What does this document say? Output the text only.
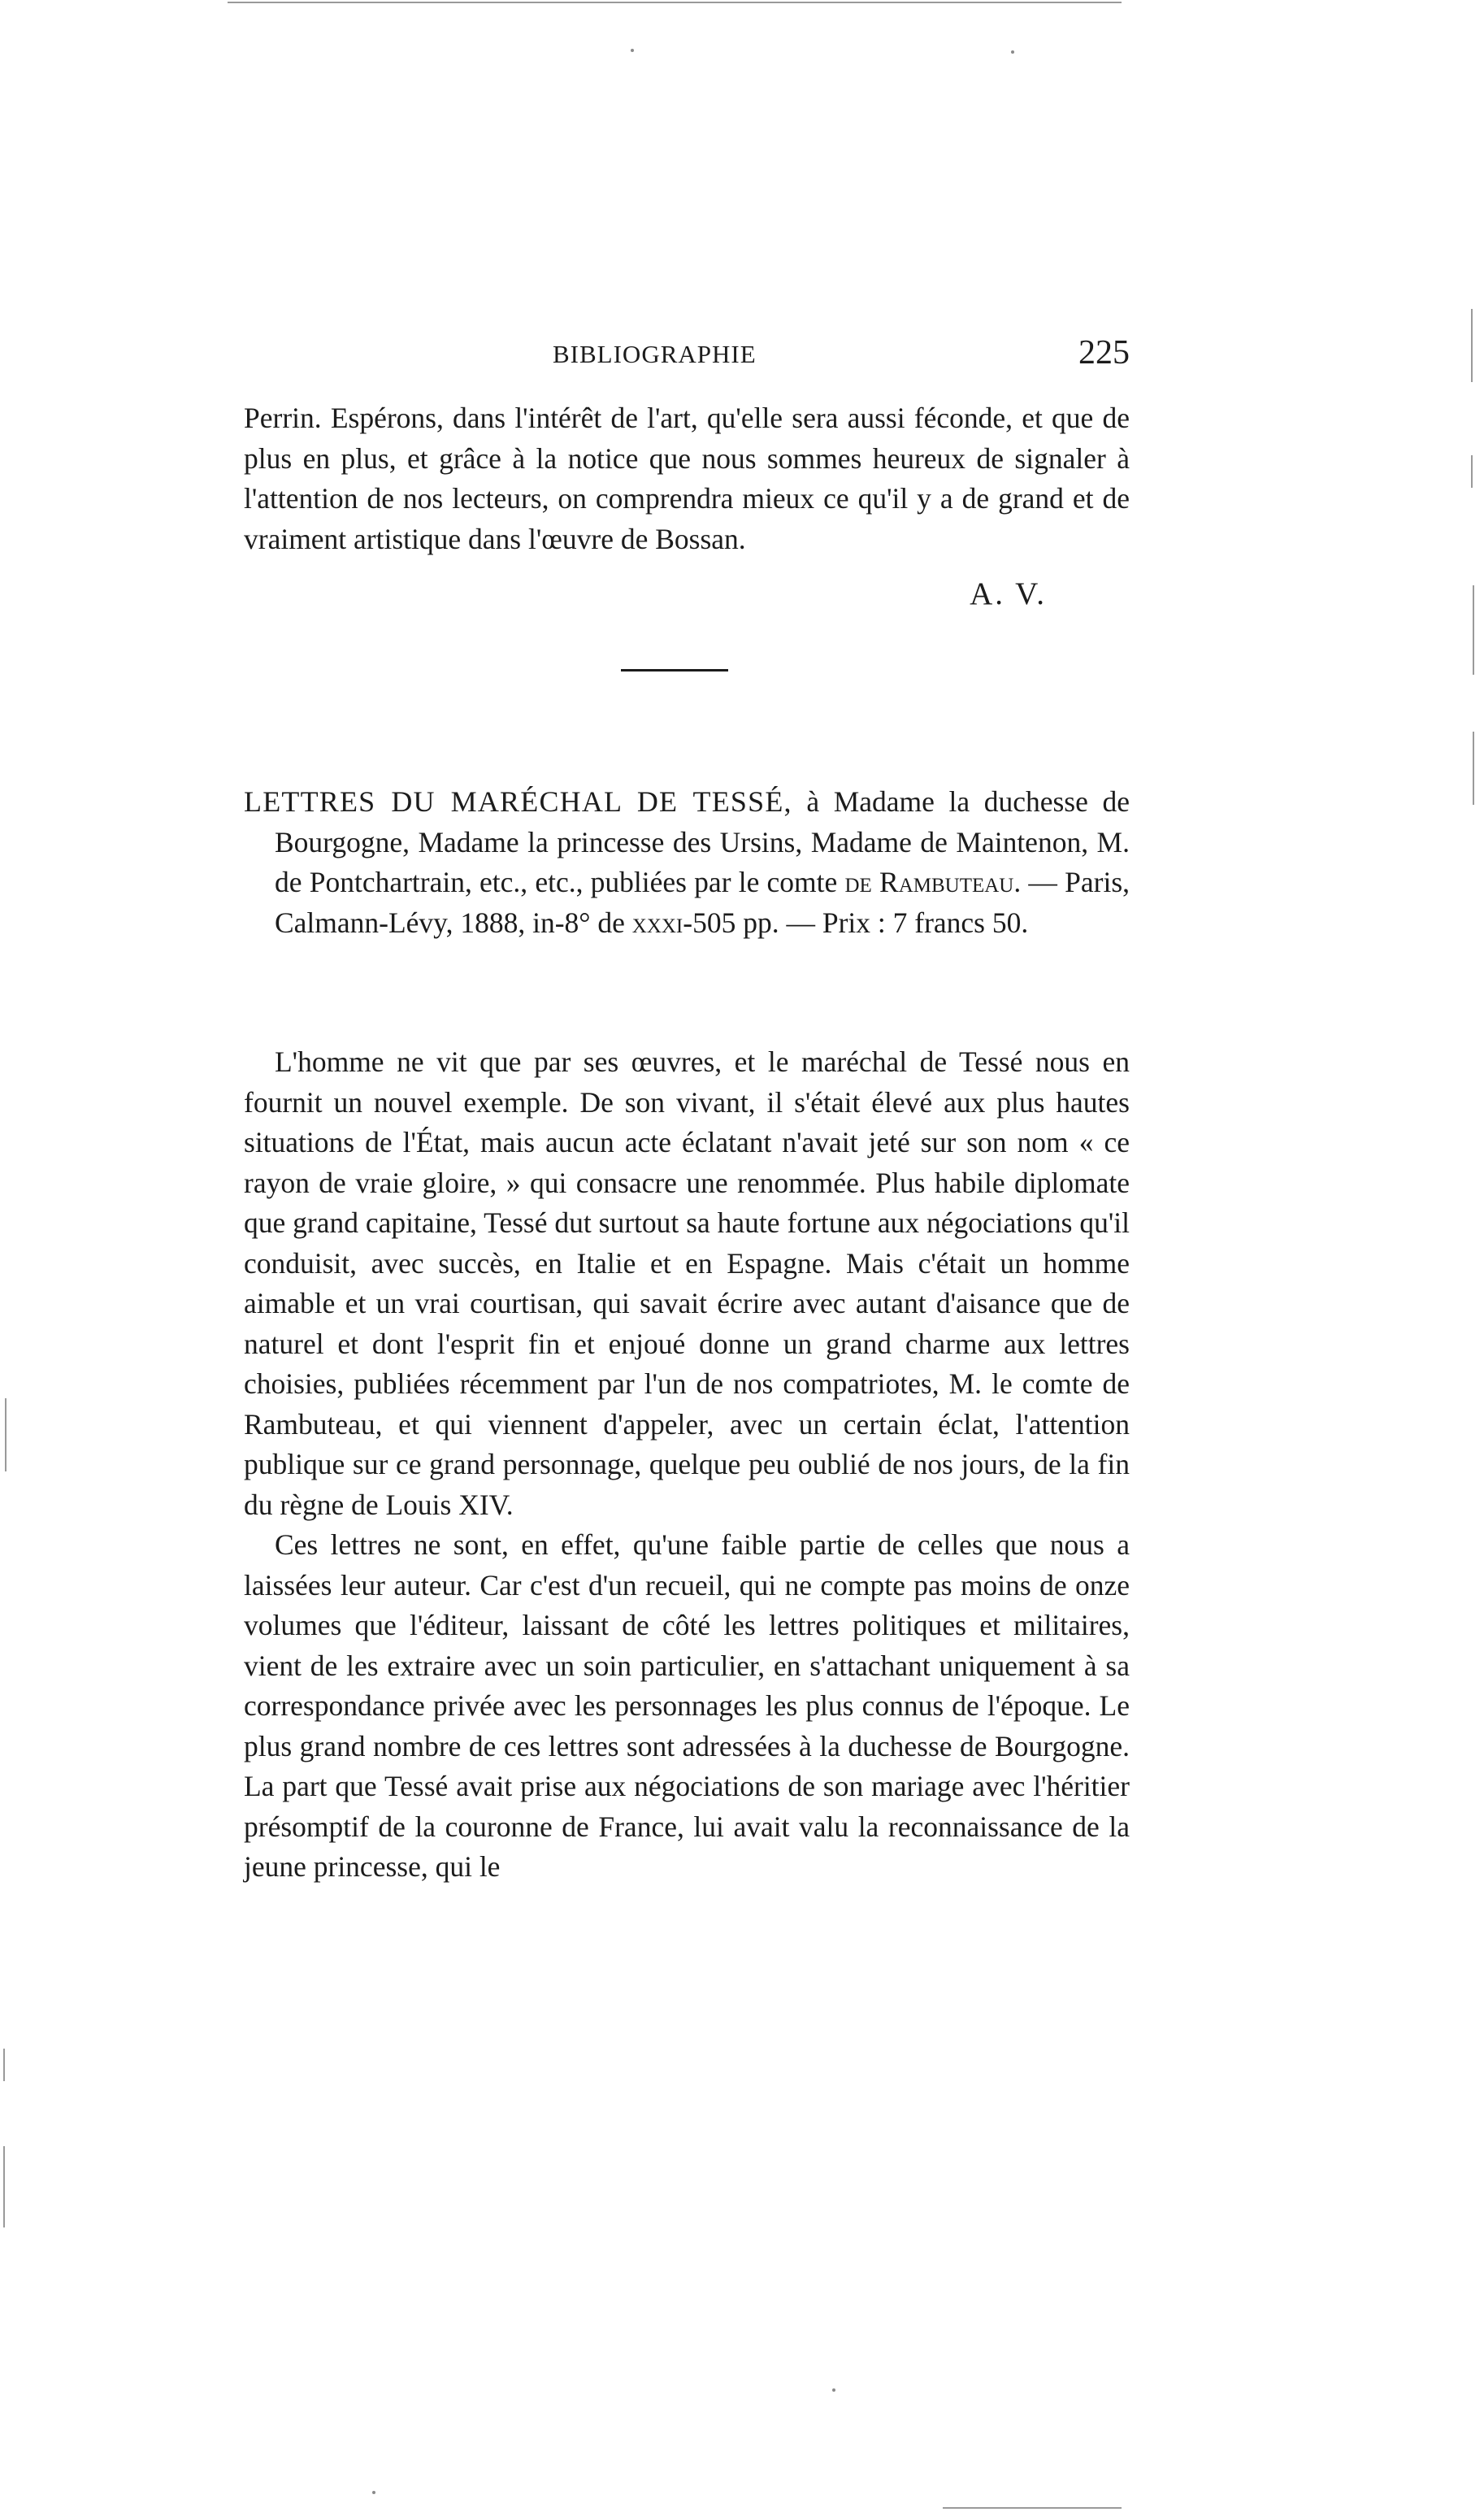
BIBLIOGRAPHIE	225

Perrin. Espérons, dans l'intérêt de l'art, qu'elle sera aussi féconde, et que de plus en plus, et grâce à la notice que nous sommes heureux de signaler à l'attention de nos lecteurs, on comprendra mieux ce qu'il y a de grand et de vraiment artistique dans l'œuvre de Bossan.

A. V.
LETTRES DU MARÉCHAL DE TESSÉ, à Madame la duchesse de Bourgogne, Madame la princesse des Ursins, Madame de Maintenon, M. de Pontchartrain, etc., etc., publiées par le comte de Rambuteau. — Paris, Calmann-Lévy, 1888, in-8° de xxxi-505 pp. — Prix : 7 francs 50.

L'homme ne vit que par ses œuvres, et le maréchal de Tessé nous en fournit un nouvel exemple. De son vivant, il s'était élevé aux plus hautes situations de l'État, mais aucun acte éclatant n'avait jeté sur son nom « ce rayon de vraie gloire, » qui consacre une renommée. Plus habile diplomate que grand capitaine, Tessé dut surtout sa haute fortune aux négociations qu'il conduisit, avec succès, en Italie et en Espagne. Mais c'était un homme aimable et un vrai courtisan, qui savait écrire avec autant d'aisance que de naturel et dont l'esprit fin et enjoué donne un grand charme aux lettres choisies, publiées récemment par l'un de nos compatriotes, M. le comte de Rambuteau, et qui viennent d'appeler, avec un certain éclat, l'attention publique sur ce grand personnage, quelque peu oublié de nos jours, de la fin du règne de Louis XIV.

Ces lettres ne sont, en effet, qu'une faible partie de celles que nous a laissées leur auteur. Car c'est d'un recueil, qui ne compte pas moins de onze volumes que l'éditeur, laissant de côté les lettres politiques et militaires, vient de les extraire avec un soin particulier, en s'attachant uniquement à sa correspondance privée avec les personnages les plus connus de l'époque. Le plus grand nombre de ces lettres sont adressées à la duchesse de Bourgogne. La part que Tessé avait prise aux négociations de son mariage avec l'héritier présomptif de la couronne de France, lui avait valu la reconnaissance de la jeune princesse, qui le
